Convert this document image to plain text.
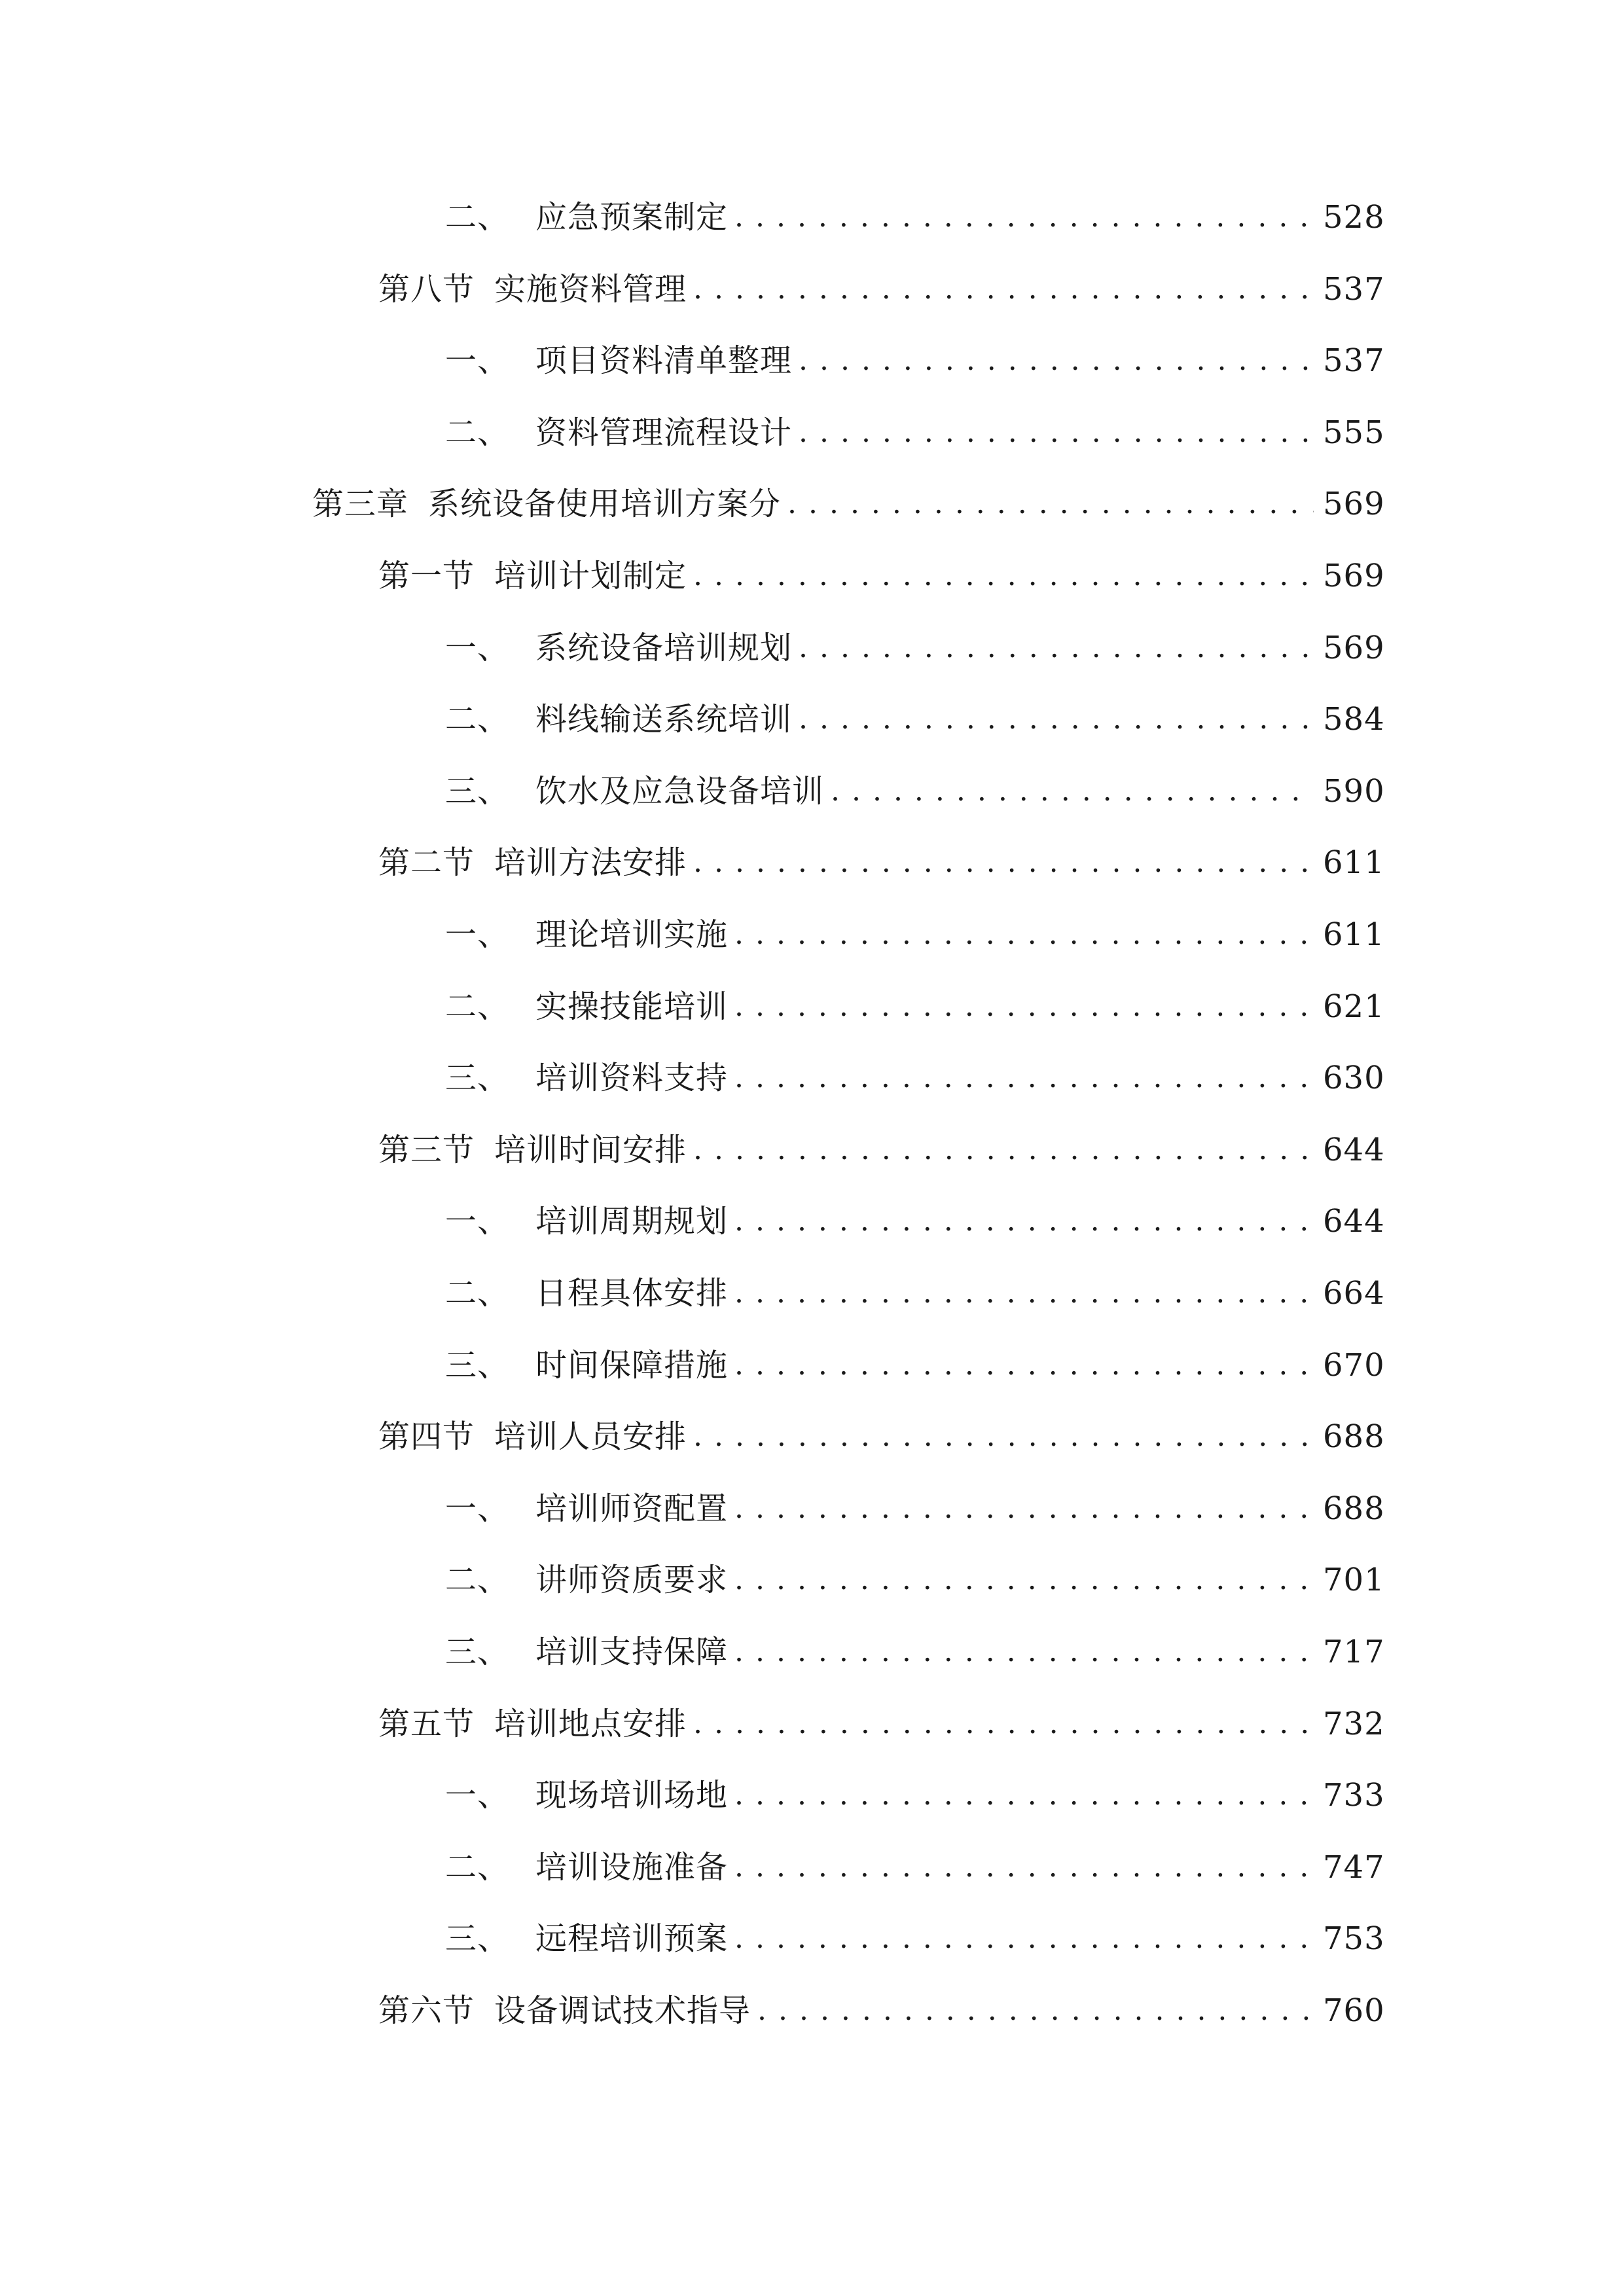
二、 应急预案制定 . . .	528
第八节 实施资料管理 . . .	537
一、 项目资料清单整理 . . .	537
二、 资料管理流程设计 . . .	555
第三章 系统设备使用培训方案分 . . .	569
第一节 培训计划制定 . . .	569
一、 系统设备培训规划 . . .	569
二、 料线输送系统培训 . . .	584
三、 饮水及应急设备培训 . . .	590
第二节 培训方法安排 . . .	611
一、 理论培训实施 . . .	611
二、 实操技能培训 . . .	621
三、 培训资料支持 . . .	630
第三节 培训时间安排 . . .	644
一、 培训周期规划 . . .	644
二、 日程具体安排 . . .	664
三、 时间保障措施 . . .	670
第四节 培训人员安排 . . .	688
一、 培训师资配置 . . .	688
二、 讲师资质要求 . . .	701
三、 培训支持保障 . . .	717
第五节 培训地点安排 . . .	732
一、 现场培训场地 . . .	733
二、 培训设施准备 . . .	747
三、 远程培训预案 . . .	753
第六节 设备调试技术指导 . . .	760
